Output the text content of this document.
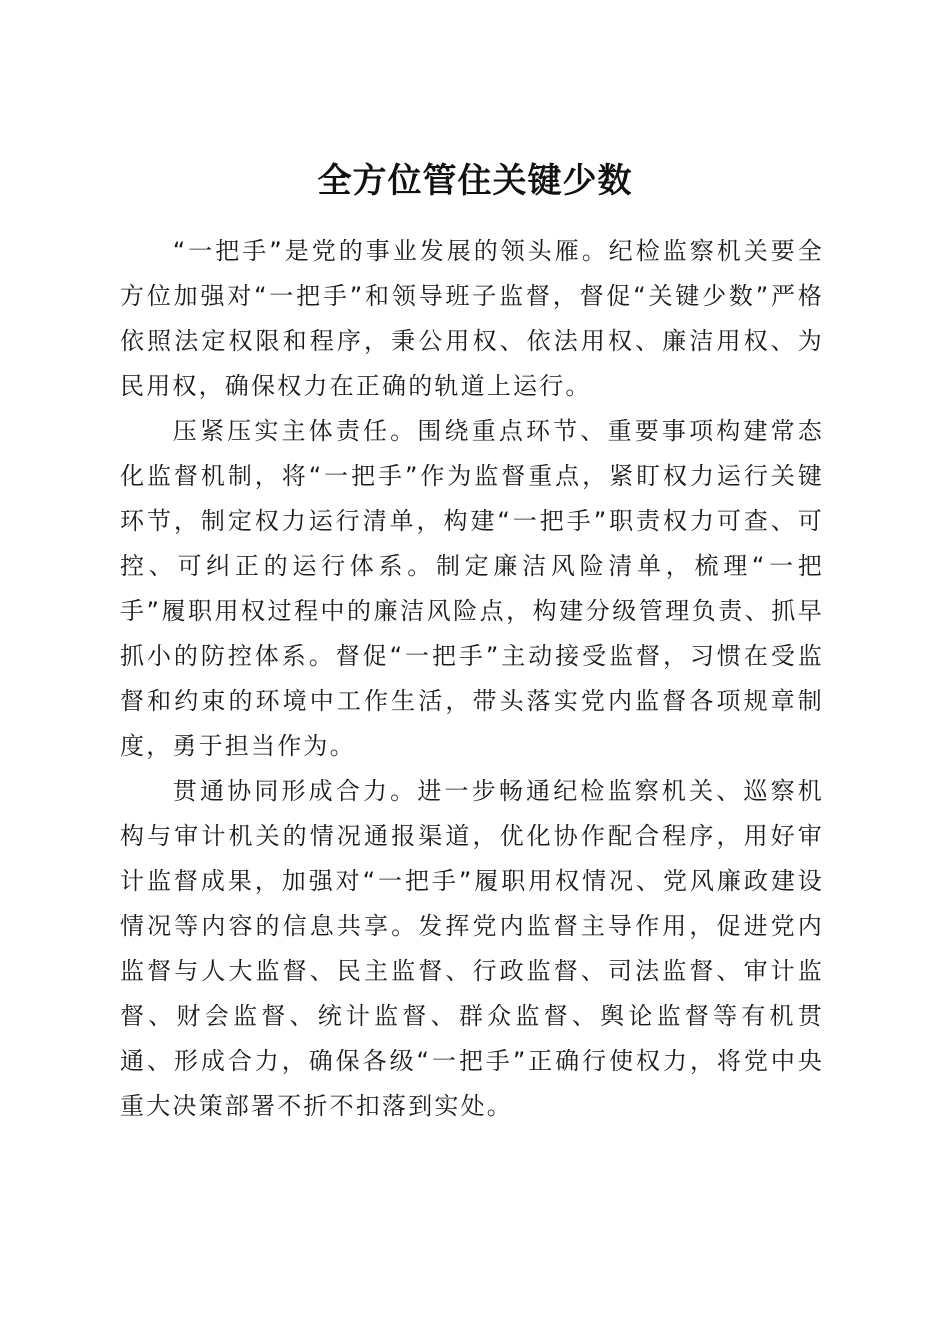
全方位管住关键少数

“一把手”是党的事业发展的领头雁。纪检监察机关要全方位加强对“一把手”和领导班子监督，督促“关键少数”严格依照法定权限和程序，秉公用权、依法用权、廉洁用权、为民用权，确保权力在正确的轨道上运行。

压紧压实主体责任。围绕重点环节、重要事项构建常态化监督机制，将“一把手”作为监督重点，紧盯权力运行关键环节，制定权力运行清单，构建“一把手”职责权力可查、可控、可纠正的运行体系。制定廉洁风险清单，梳理“一把手”履职用权过程中的廉洁风险点，构建分级管理负责、抓早抓小的防控体系。督促“一把手”主动接受监督，习惯在受监督和约束的环境中工作生活，带头落实党内监督各项规章制度，勇于担当作为。

贯通协同形成合力。进一步畅通纪检监察机关、巡察机构与审计机关的情况通报渠道，优化协作配合程序，用好审计监督成果，加强对“一把手”履职用权情况、党风廉政建设情况等内容的信息共享。发挥党内监督主导作用，促进党内监督与人大监督、民主监督、行政监督、司法监督、审计监督、财会监督、统计监督、群众监督、舆论监督等有机贯通、形成合力，确保各级“一把手”正确行使权力，将党中央重大决策部署不折不扣落到实处。
